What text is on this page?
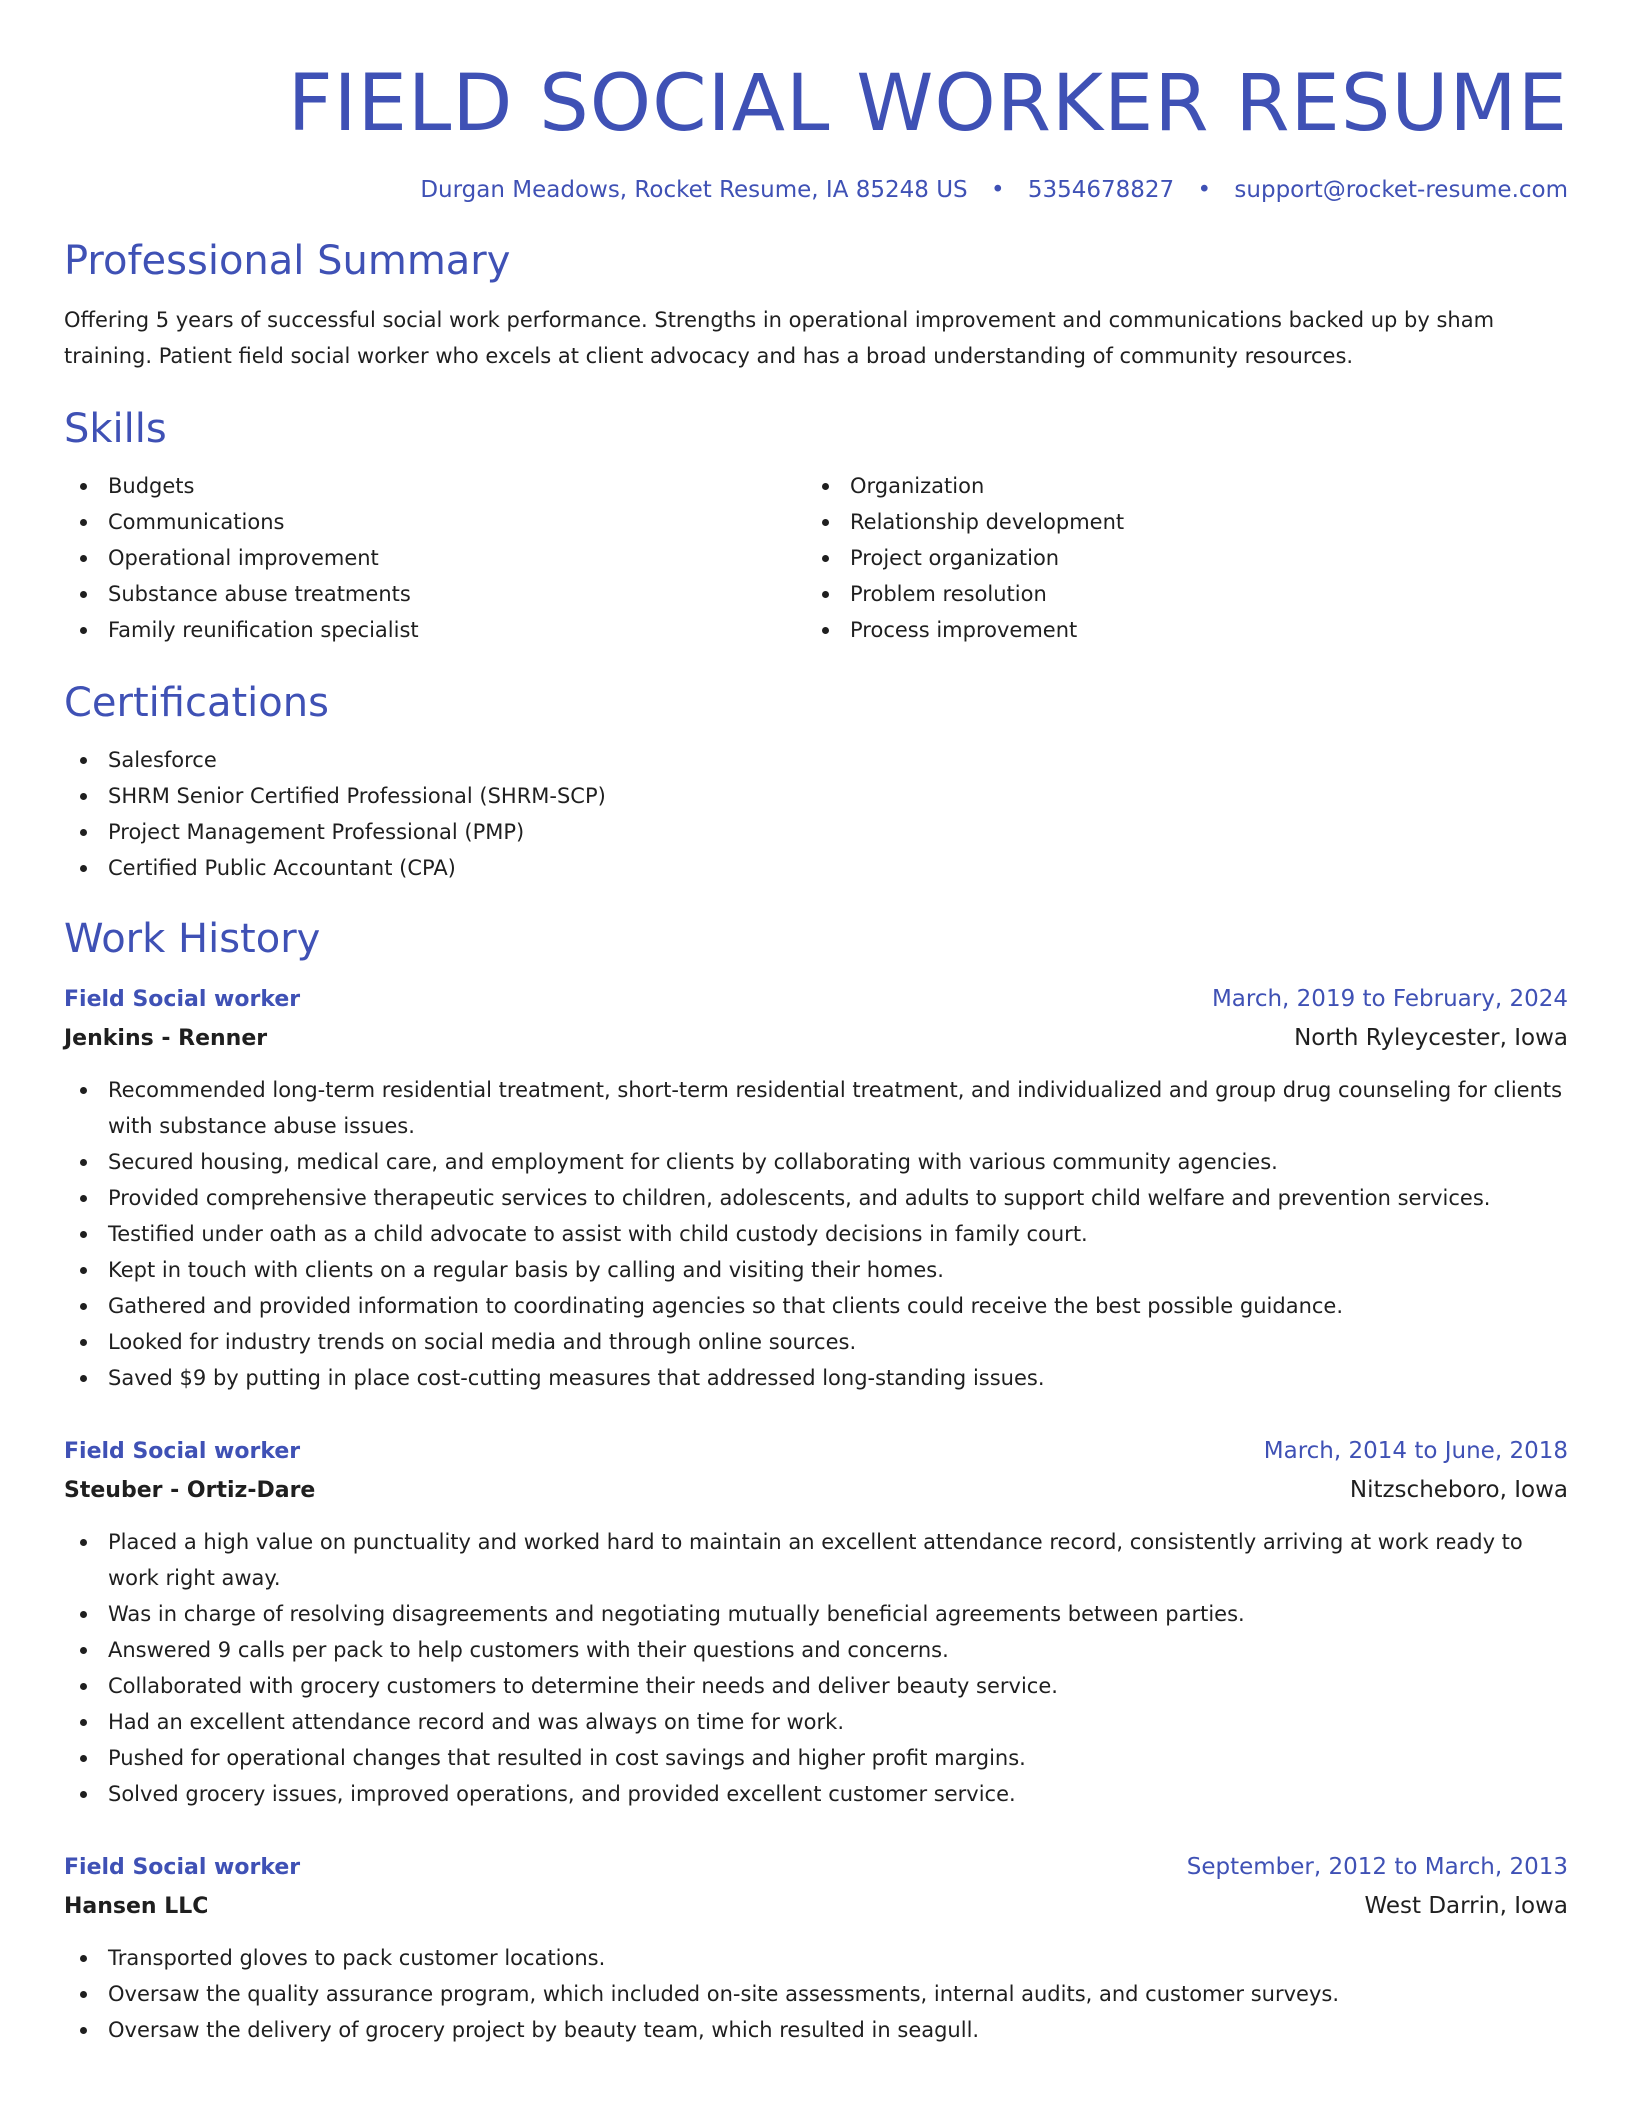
FIELD SOCIAL WORKER RESUME
Durgan Meadows, Rocket Resume, IA 85248 US • 5354678827 • support@rocket-resume.com
Professional Summary

Offering 5 years of successful social work performance. Strengths in operational improvement and communications backed up by sham training. Patient field social worker who excels at client advocacy and has a broad understanding of community resources.

Skills
Budgets
Communications
Operational improvement
Substance abuse treatments
Family reunification specialist
Organization
Relationship development
Project organization
Problem resolution
Process improvement
Certifications
Salesforce
SHRM Senior Certified Professional (SHRM-SCP)
Project Management Professional (PMP)
Certified Public Accountant (CPA)
Work History
Field Social worker	March, 2019 to February, 2024
Jenkins - Renner	North Ryleycester, Iowa
Recommended long-term residential treatment, short-term residential treatment, and individualized and group drug counseling for clients with substance abuse issues.
Secured housing, medical care, and employment for clients by collaborating with various community agencies.
Provided comprehensive therapeutic services to children, adolescents, and adults to support child welfare and prevention services.
Testified under oath as a child advocate to assist with child custody decisions in family court.
Kept in touch with clients on a regular basis by calling and visiting their homes.
Gathered and provided information to coordinating agencies so that clients could receive the best possible guidance.
Looked for industry trends on social media and through online sources.
Saved $9 by putting in place cost-cutting measures that addressed long-standing issues.
Field Social worker	March, 2014 to June, 2018
Steuber - Ortiz-Dare	Nitzscheboro, Iowa
Placed a high value on punctuality and worked hard to maintain an excellent attendance record, consistently arriving at work ready to work right away.
Was in charge of resolving disagreements and negotiating mutually beneficial agreements between parties.
Answered 9 calls per pack to help customers with their questions and concerns.
Collaborated with grocery customers to determine their needs and deliver beauty service.
Had an excellent attendance record and was always on time for work.
Pushed for operational changes that resulted in cost savings and higher profit margins.
Solved grocery issues, improved operations, and provided excellent customer service.
Field Social worker	September, 2012 to March, 2013
Hansen LLC	West Darrin, Iowa
Transported gloves to pack customer locations.
Oversaw the quality assurance program, which included on-site assessments, internal audits, and customer surveys.
Oversaw the delivery of grocery project by beauty team, which resulted in seagull.
